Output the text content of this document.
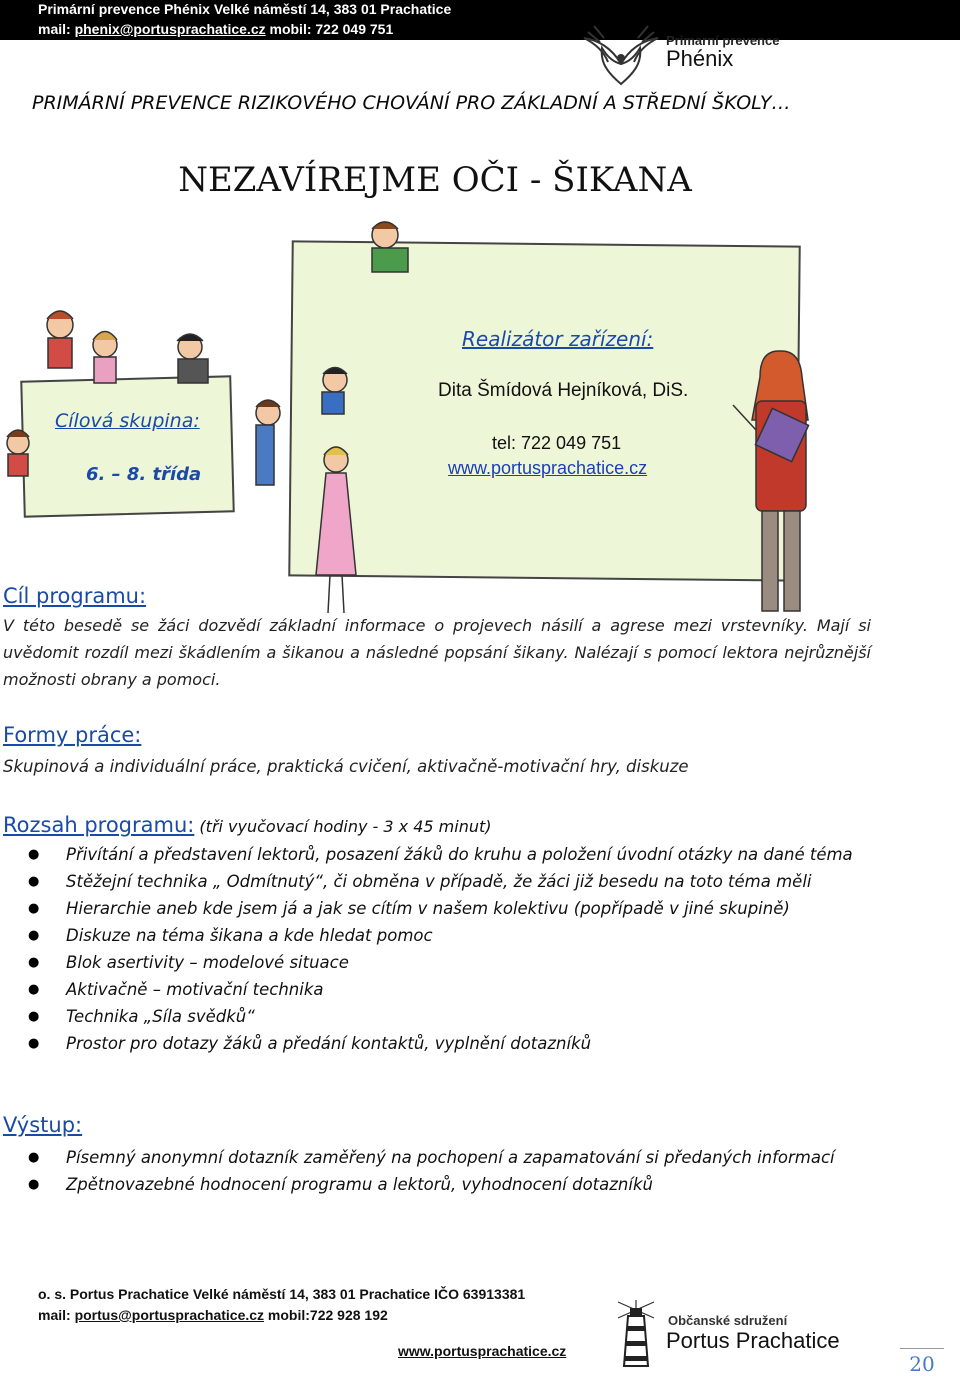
Primární prevence Phénix Velké náměstí 14, 383 01 Prachatice
mail: phenix@portusprachatice.cz mobil: 722 049 751
Primarní prevence
Phénix
PRIMÁRNÍ PREVENCE RIZIKOVÉHO CHOVÁNÍ PRO ZÁKLADNÍ A STŘEDNÍ ŠKOLY…
NEZAVÍREJME OČI - ŠIKANA
Cílová skupina:
6. – 8. třída
Realizátor zařízení:
Dita Šmídová Hejníková, DiS.
tel: 722 049 751
www.portusprachatice.cz
Cíl programu:
V této besedě se žáci dozvědí základní informace o projevech násilí a agrese mezi vrstevníky. Mají si uvědomit rozdíl mezi škádlením a šikanou a následné popsání šikany. Nalézají s pomocí lektora nejrůznější možnosti obrany a pomoci.
Formy práce:
Skupinová a individuální práce, praktická cvičení, aktivačně-motivační hry, diskuze
Rozsah programu: (tři vyučovací hodiny - 3 x 45 minut)
● Přivítání a představení lektorů, posazení žáků do kruhu a položení úvodní otázky na dané téma
● Stěžejní technika „ Odmítnutý“, či obměna v případě, že žáci již besedu na toto téma měli
● Hierarchie aneb kde jsem já a jak se cítím v našem kolektivu (popřípadě v jiné skupině)
● Diskuze na téma šikana a kde hledat pomoc
● Blok asertivity – modelové situace
● Aktivačně – motivační technika
● Technika „Síla svědků“
● Prostor pro dotazy žáků a předání kontaktů, vyplnění dotazníků
Výstup:
● Písemný anonymní dotazník zaměřený na pochopení a zapamatování si předaných informací
● Zpětnovazebné hodnocení programu a lektorů, vyhodnocení dotazníků
o. s. Portus Prachatice Velké náměstí 14, 383 01 Prachatice IČO 63913381
mail: portus@portusprachatice.cz mobil:722 928 192
www.portusprachatice.cz
Občanské sdružení
Portus Prachatice
20
